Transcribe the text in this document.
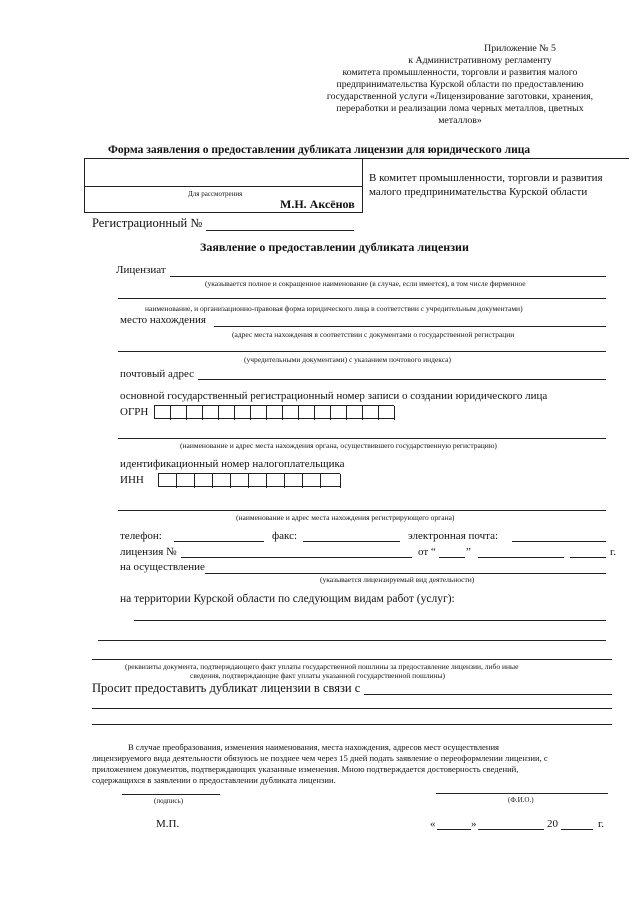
Приложение № 5
к Административному регламенту
комитета промышленности, торговли и развития малого
предпринимательства Курской области по предоставлению
государственной услуги «Лицензирование заготовки, хранения,
переработки и реализации лома черных металлов, цветных
металлов»
Форма заявления о предоставлении дубликата лицензии для юридического лица
Для рассмотрения
М.Н. Аксёнов
В комитет промышленности, торговли и развития
малого предпринимательства Курской области
Регистрационный №
Заявление о предоставлении дубликата лицензии
Лицензиат
(указывается полное и сокращенное наименование (в случае, если имеется), в том числе фирменное
наименование, и организационно-правовая форма юридического лица в соответствии с учредительным документами)
место нахождения
(адрес места нахождения в соответствии с документами о государственной регистрации
(учредительными документами) с указанием почтового индекса)
почтовый адрес
основной государственный регистрационный номер записи о создании юридического лица
ОГРН
(наименование и адрес места нахождения органа, осуществившего государственную регистрацию)
идентификационный номер налогоплательщика
ИНН
(наименование и адрес места нахождения регистрирующего органа)
телефон:	факс:	электронная почта:
лицензия №	от “	”	г.
на осуществление
(указывается лицензируемый вид деятельности)
на территории Курской области по следующим видам работ (услуг):
(реквизиты документа, подтверждающего факт уплаты государственной пошлины за предоставление лицензии, либо иные
сведения, подтверждающие факт уплаты указанной государственной пошлины)
Просит предоставить дубликат лицензии в связи с
В случае преобразования, изменения наименования, места нахождения, адресов мест осуществления
лицензируемого вида деятельности обязуюсь не позднее чем через 15 дней подать заявление о переоформлении лицензии, с
приложением документов, подтверждающих указанные изменения. Мною подтверждается достоверность сведений,
содержащихся в заявлении о предоставлении дубликата лицензии.
(подпись)	(Ф.И.О.)
М.П.	«	»	20	г.
